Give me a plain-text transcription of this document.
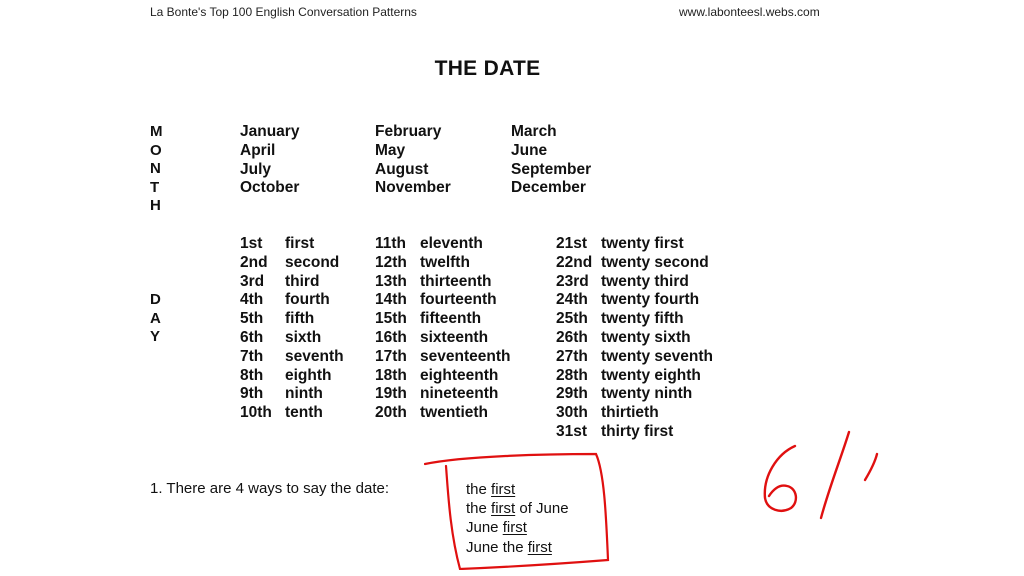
La Bonte's Top 100 English Conversation Patterns	www.labonteesl.webs.com
THE DATE
M
O
N
T
H
D
A
Y
January
April
July
October
February
May
August
November
March
June
September
December
1st first
2nd second
3rd third
4th fourth
5th fifth
6th sixth
7th seventh
8th eighth
9th ninth
10th tenth
11th eleventh
12th twelfth
13th thirteenth
14th fourteenth
15th fifteenth
16th sixteenth
17th seventeenth
18th eighteenth
19th nineteenth
20th twentieth
21st twenty first
22nd twenty second
23rd twenty third
24th twenty fourth
25th twenty fifth
26th twenty sixth
27th twenty seventh
28th twenty eighth
29th twenty ninth
30th thirtieth
31st thirty first
1. There are 4 ways to say the date:	the first
the first of June
June first
June the first
